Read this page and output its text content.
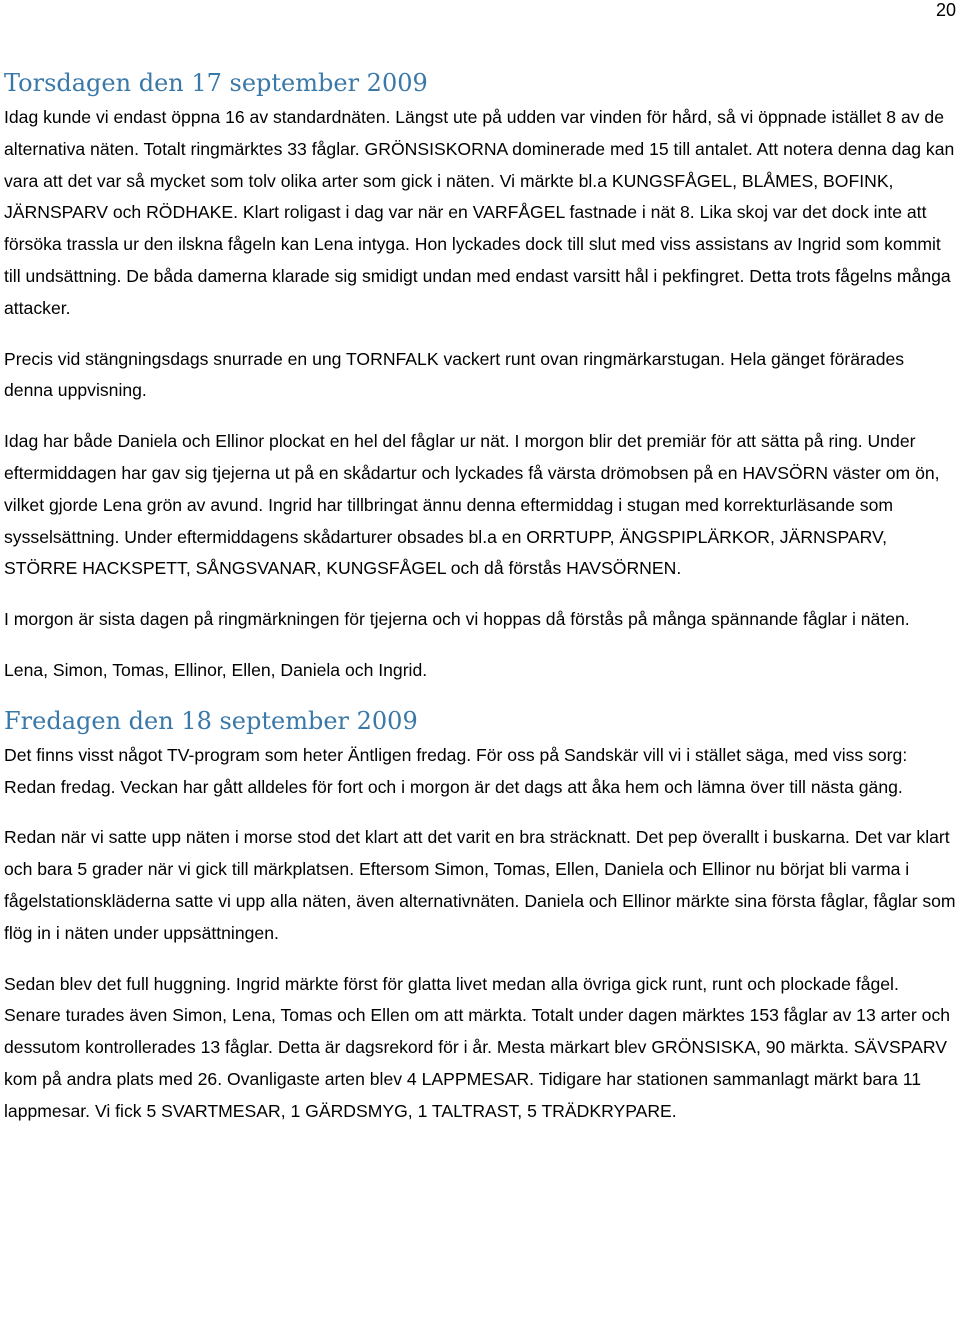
20
Torsdagen den 17 september 2009

Idag kunde vi endast öppna 16 av standardnäten. Längst ute på udden var vinden för hård, så vi öppnade istället 8 av de alternativa näten. Totalt ringmärktes 33 fåglar. GRÖNSISKORNA dominerade med 15 till antalet. Att notera denna dag kan vara att det var så mycket som tolv olika arter som gick i näten. Vi märkte bl.a KUNGSFÅGEL, BLÅMES, BOFINK, JÄRNSPARV och RÖDHAKE. Klart roligast i dag var när en VARFÅGEL fastnade i nät 8. Lika skoj var det dock inte att försöka trassla ur den ilskna fågeln kan Lena intyga. Hon lyckades dock till slut med viss assistans av Ingrid som kommit till undsättning. De båda damerna klarade sig smidigt undan med endast varsitt hål i pekfingret. Detta trots fågelns många attacker.

Precis vid stängningsdags snurrade en ung TORNFALK vackert runt ovan ringmärkarstugan. Hela gänget förärades denna uppvisning.

Idag har både Daniela och Ellinor plockat en hel del fåglar ur nät. I morgon blir det premiär för att sätta på ring. Under eftermiddagen har gav sig tjejerna ut på en skådartur och lyckades få värsta drömobsen på en HAVSÖRN väster om ön, vilket gjorde Lena grön av avund. Ingrid har tillbringat ännu denna eftermiddag i stugan med korrekturläsande som sysselsättning. Under eftermiddagens skådarturer obsades bl.a en ORRTUPP, ÄNGSPIPLÄRKOR, JÄRNSPARV, STÖRRE HACKSPETT, SÅNGSVANAR, KUNGSFÅGEL och då förstås HAVSÖRNEN.

I morgon är sista dagen på ringmärkningen för tjejerna och vi hoppas då förstås på många spännande fåglar i näten.

Lena, Simon, Tomas, Ellinor, Ellen, Daniela och Ingrid.

Fredagen den 18 september 2009

Det finns visst något TV-program som heter Äntligen fredag. För oss på Sandskär vill vi i stället säga, med viss sorg: Redan fredag. Veckan har gått alldeles för fort och i morgon är det dags att åka hem och lämna över till nästa gäng.

Redan när vi satte upp näten i morse stod det klart att det varit en bra sträcknatt. Det pep överallt i buskarna. Det var klart och bara 5 grader när vi gick till märkplatsen. Eftersom Simon, Tomas, Ellen, Daniela och Ellinor nu börjat bli varma i fågelstationskläderna satte vi upp alla näten, även alternativnäten. Daniela och Ellinor märkte sina första fåglar, fåglar som flög in i näten under uppsättningen.

Sedan blev det full huggning. Ingrid märkte först för glatta livet medan alla övriga gick runt, runt och plockade fågel. Senare turades även Simon, Lena, Tomas och Ellen om att märkta. Totalt under dagen märktes 153 fåglar av 13 arter och dessutom kontrollerades 13 fåglar. Detta är dagsrekord för i år. Mesta märkart blev GRÖNSISKA, 90 märkta. SÄVSPARV kom på andra plats med 26. Ovanligaste arten blev 4 LAPPMESAR. Tidigare har stationen sammanlagt märkt bara 11 lappmesar. Vi fick 5 SVARTMESAR, 1 GÄRDSMYG, 1 TALTRAST, 5 TRÄDKRYPARE.
